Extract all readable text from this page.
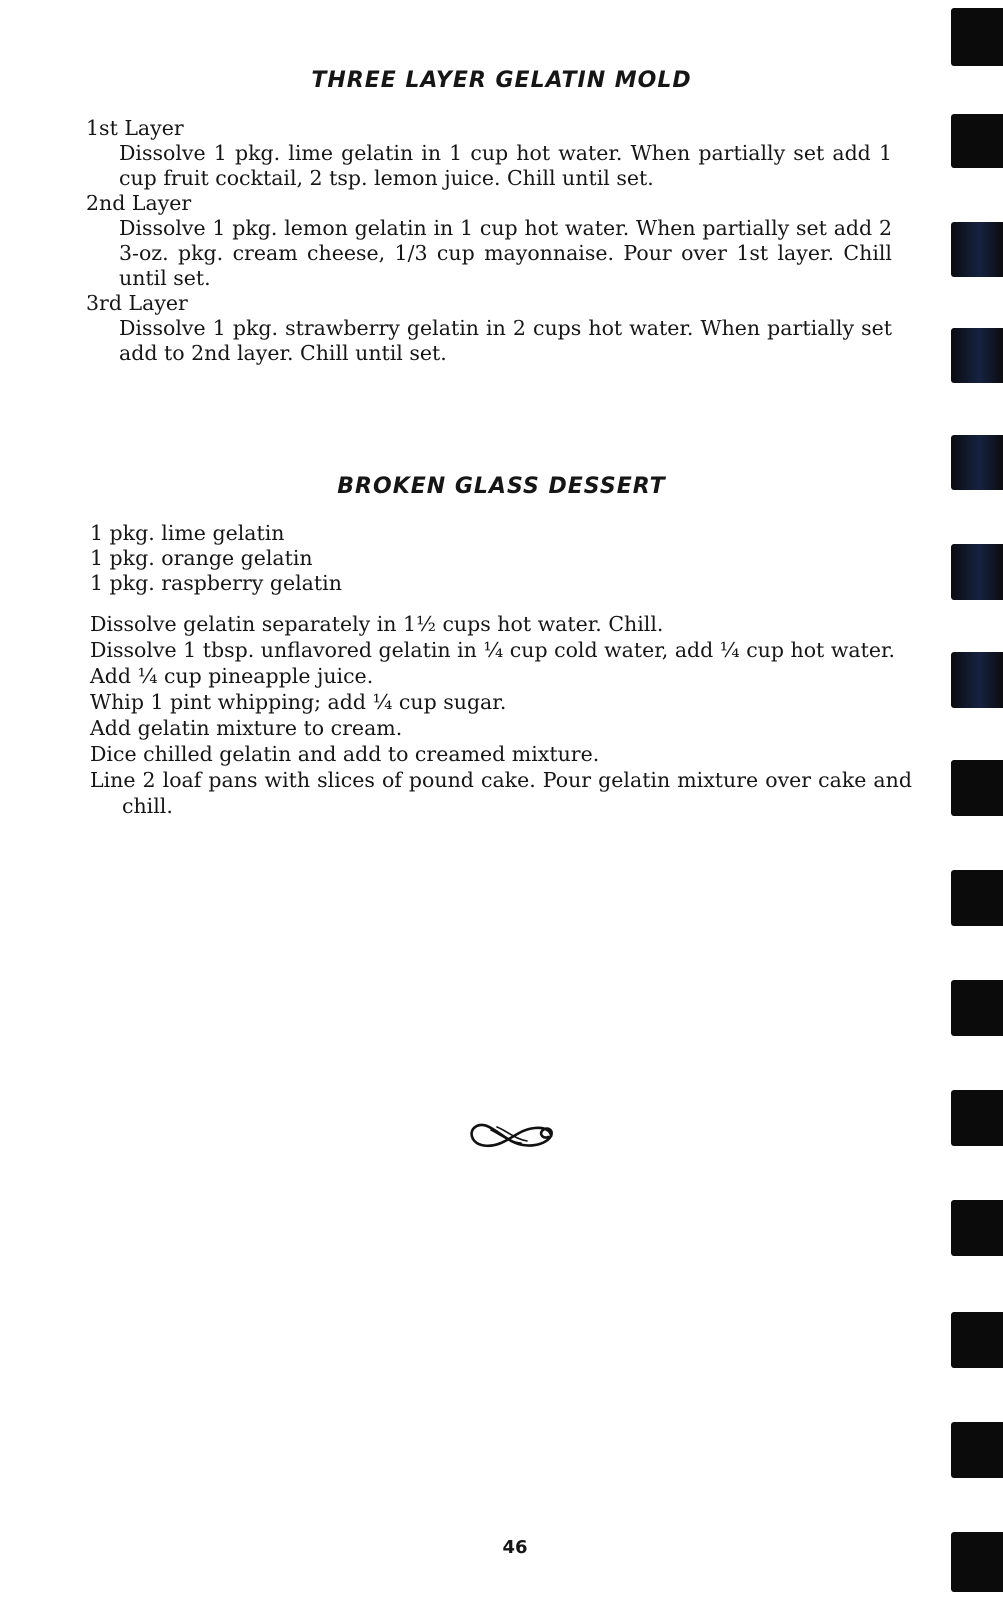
THREE LAYER GELATIN MOLD

1st Layer

Dissolve 1 pkg. lime gelatin in 1 cup hot water. When partially set add 1 cup fruit cocktail, 2 tsp. lemon juice. Chill until set.

2nd Layer

Dissolve 1 pkg. lemon gelatin in 1 cup hot water. When partially set add 2 3-oz. pkg. cream cheese, 1/3 cup mayonnaise. Pour over 1st layer. Chill until set.

3rd Layer

Dissolve 1 pkg. strawberry gelatin in 2 cups hot water. When partially set add to 2nd layer. Chill until set.

BROKEN GLASS DESSERT

1 pkg. lime gelatin

1 pkg. orange gelatin

1 pkg. raspberry gelatin

Dissolve gelatin separately in 1½ cups hot water. Chill.

Dissolve 1 tbsp. unflavored gelatin in ¼ cup cold water, add ¼ cup hot water.

Add ¼ cup pineapple juice.

Whip 1 pint whipping; add ¼ cup sugar.

Add gelatin mixture to cream.

Dice chilled gelatin and add to creamed mixture.

Line 2 loaf pans with slices of pound cake. Pour gelatin mixture over cake and chill.

46
